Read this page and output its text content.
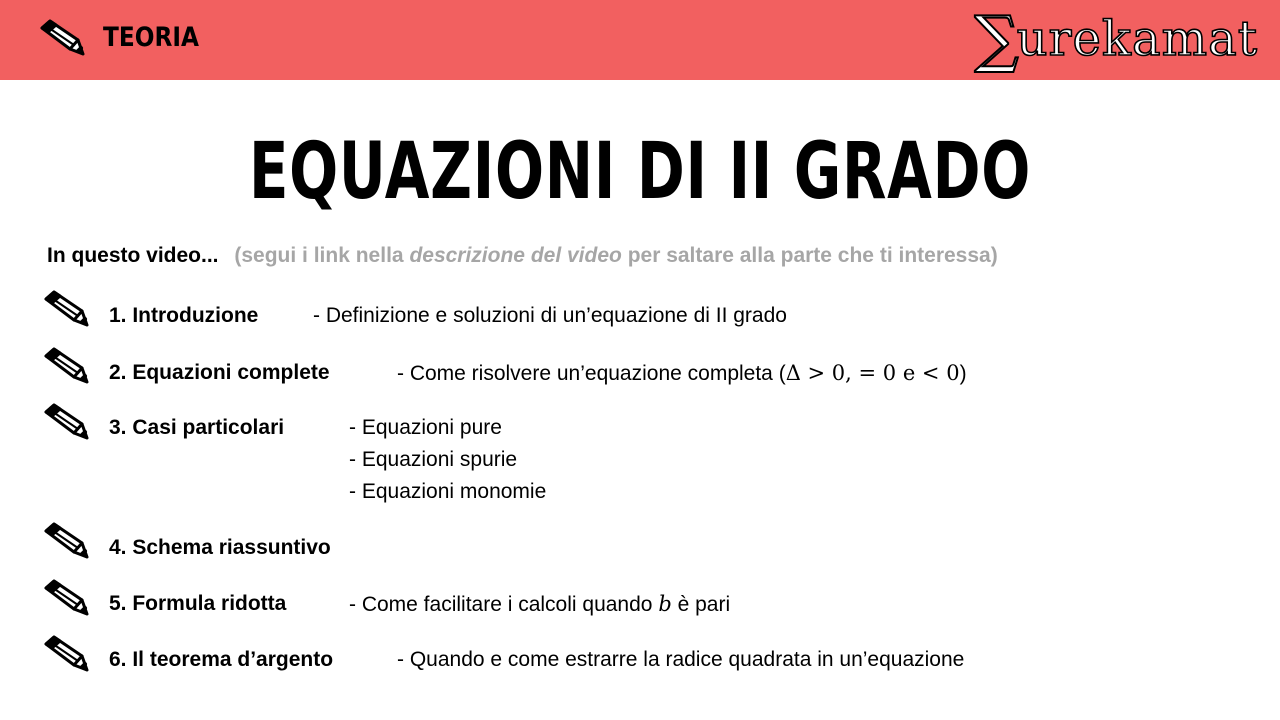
TEORIA	∑
urekamat
EQUAZIONI DI II GRADO
In questo video... (segui i link nella descrizione del video per saltare alla parte che ti interessa)
1. Introduzione	- Definizione e soluzioni di un’equazione di II grado
2. Equazioni complete	- Come risolvere un’equazione completa (Δ > 0, = 0 e < 0)
3. Casi particolari	- Equazioni pure
- Equazioni spurie
- Equazioni monomie
4. Schema riassuntivo
5. Formula ridotta	- Come facilitare i calcoli quando b è pari
6. Il teorema d’argento	- Quando e come estrarre la radice quadrata in un’equazione
